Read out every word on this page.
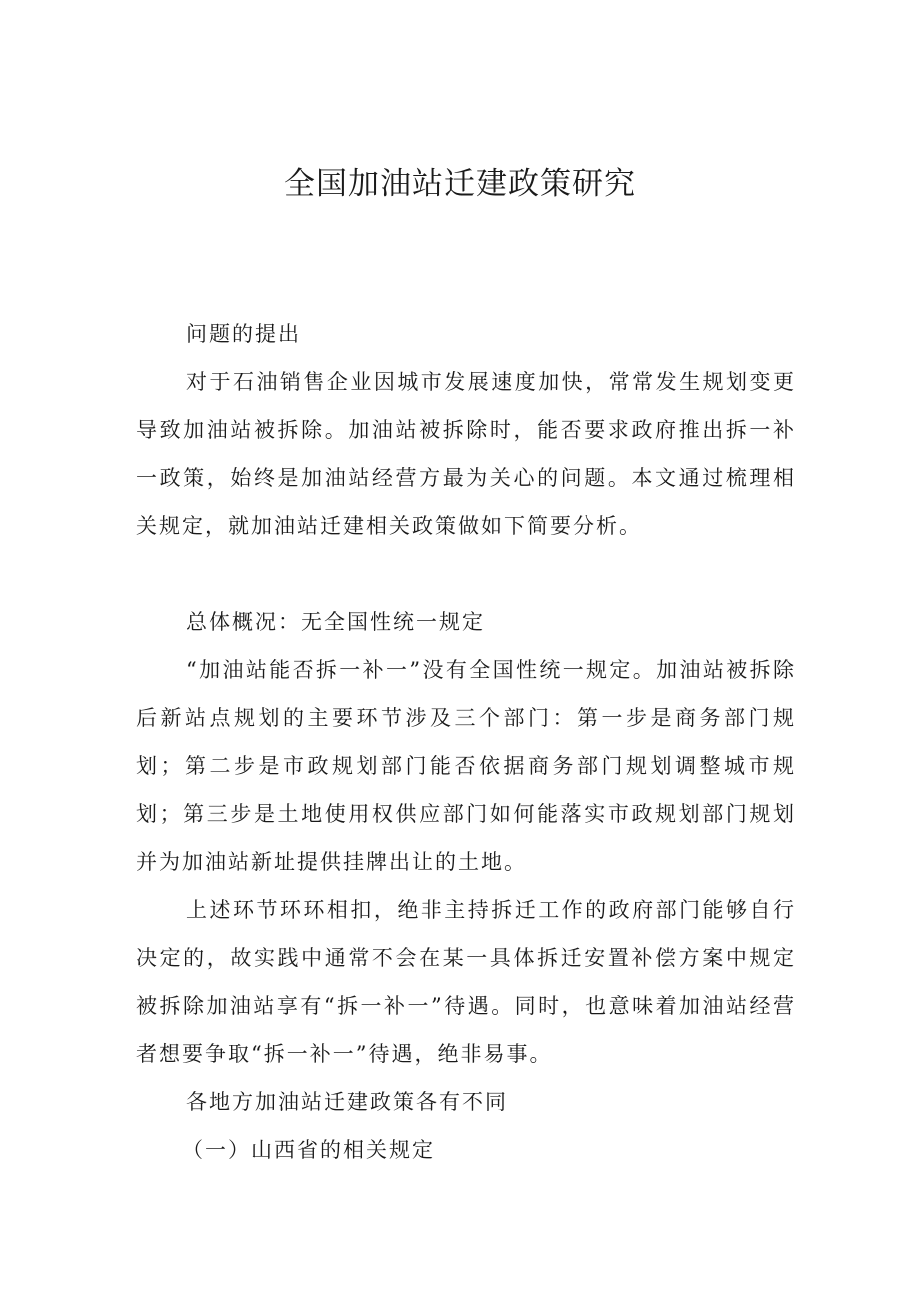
全国加油站迁建政策研究

问题的提出

对于石油销售企业因城市发展速度加快，常常发生规划变更导致加油站被拆除。加油站被拆除时，能否要求政府推出拆一补一政策，始终是加油站经营方最为关心的问题。本文通过梳理相关规定，就加油站迁建相关政策做如下简要分析。

总体概况：无全国性统一规定

“加油站能否拆一补一”没有全国性统一规定。加油站被拆除后新站点规划的主要环节涉及三个部门：第一步是商务部门规划；第二步是市政规划部门能否依据商务部门规划调整城市规划；第三步是土地使用权供应部门如何能落实市政规划部门规划并为加油站新址提供挂牌出让的土地。

上述环节环环相扣，绝非主持拆迁工作的政府部门能够自行决定的，故实践中通常不会在某一具体拆迁安置补偿方案中规定被拆除加油站享有“拆一补一”待遇。同时，也意味着加油站经营者想要争取“拆一补一”待遇，绝非易事。

各地方加油站迁建政策各有不同

（一）山西省的相关规定
